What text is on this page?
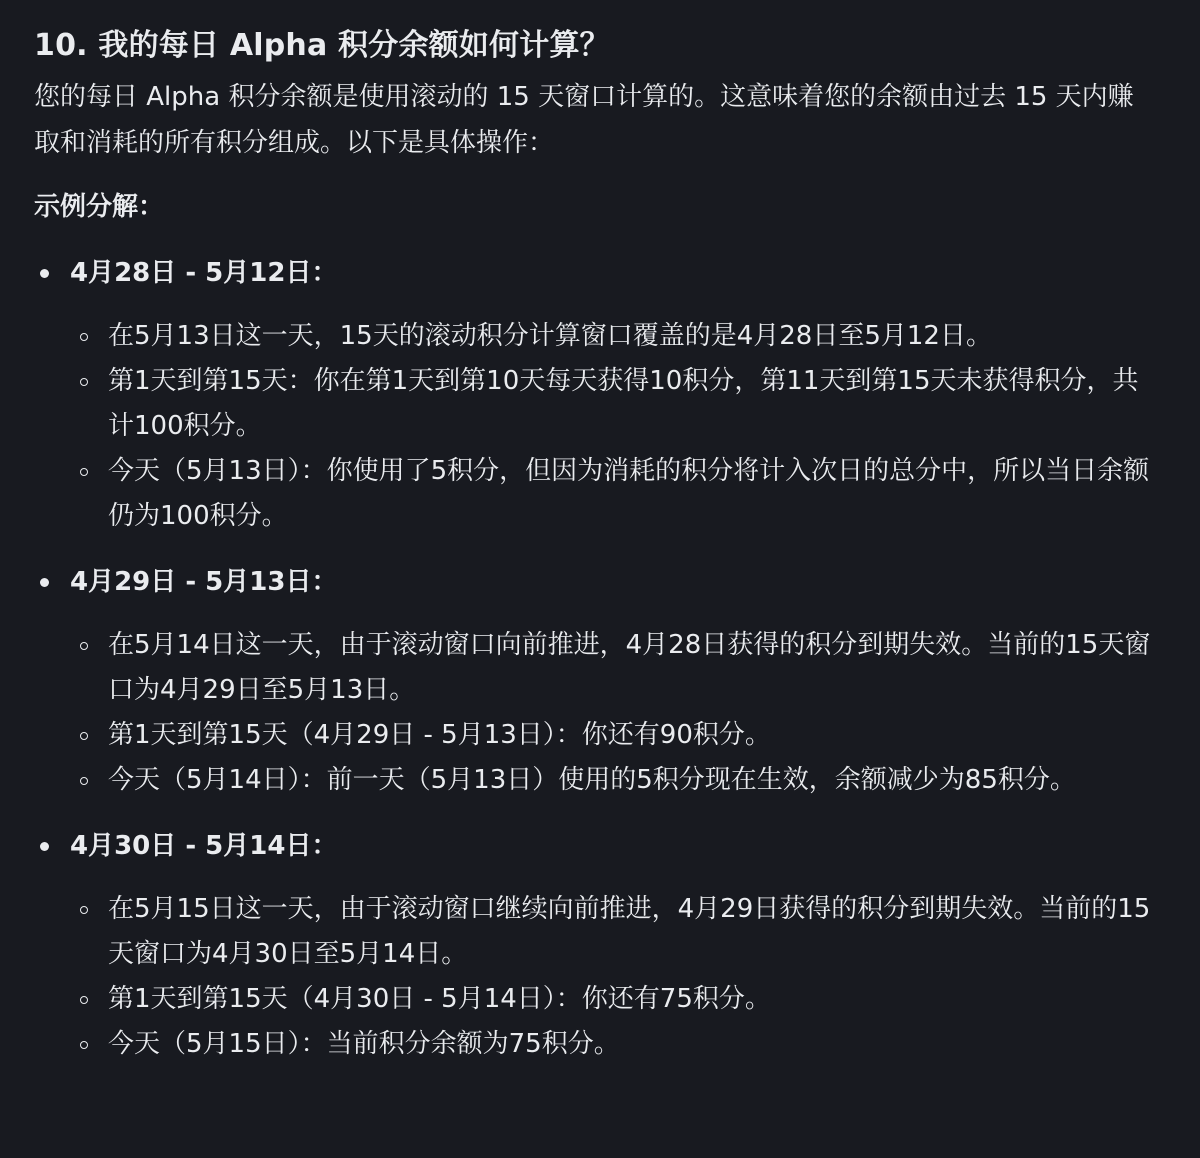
10. 我的每日 Alpha 积分余额如何计算？

您的每日 Alpha 积分余额是使用滚动的 15 天窗口计算的。这意味着您的余额由过去 15 天内赚取和消耗的所有积分组成。以下是具体操作：

示例分解：
4月28日 - 5月12日：
在5月13日这一天，15天的滚动积分计算窗口覆盖的是4月28日至5月12日。
第1天到第15天：你在第1天到第10天每天获得10积分，第11天到第15天未获得积分，共计100积分。
今天（5月13日）：你使用了5积分，但因为消耗的积分将计入次日的总分中，所以当日余额仍为100积分。
4月29日 - 5月13日：
在5月14日这一天，由于滚动窗口向前推进，4月28日获得的积分到期失效。当前的15天窗口为4月29日至5月13日。
第1天到第15天（4月29日 - 5月13日）：你还有90积分。
今天（5月14日）：前一天（5月13日）使用的5积分现在生效，余额减少为85积分。
4月30日 - 5月14日：
在5月15日这一天，由于滚动窗口继续向前推进，4月29日获得的积分到期失效。当前的15天窗口为4月30日至5月14日。
第1天到第15天（4月30日 - 5月14日）：你还有75积分。
今天（5月15日）：当前积分余额为75积分。
